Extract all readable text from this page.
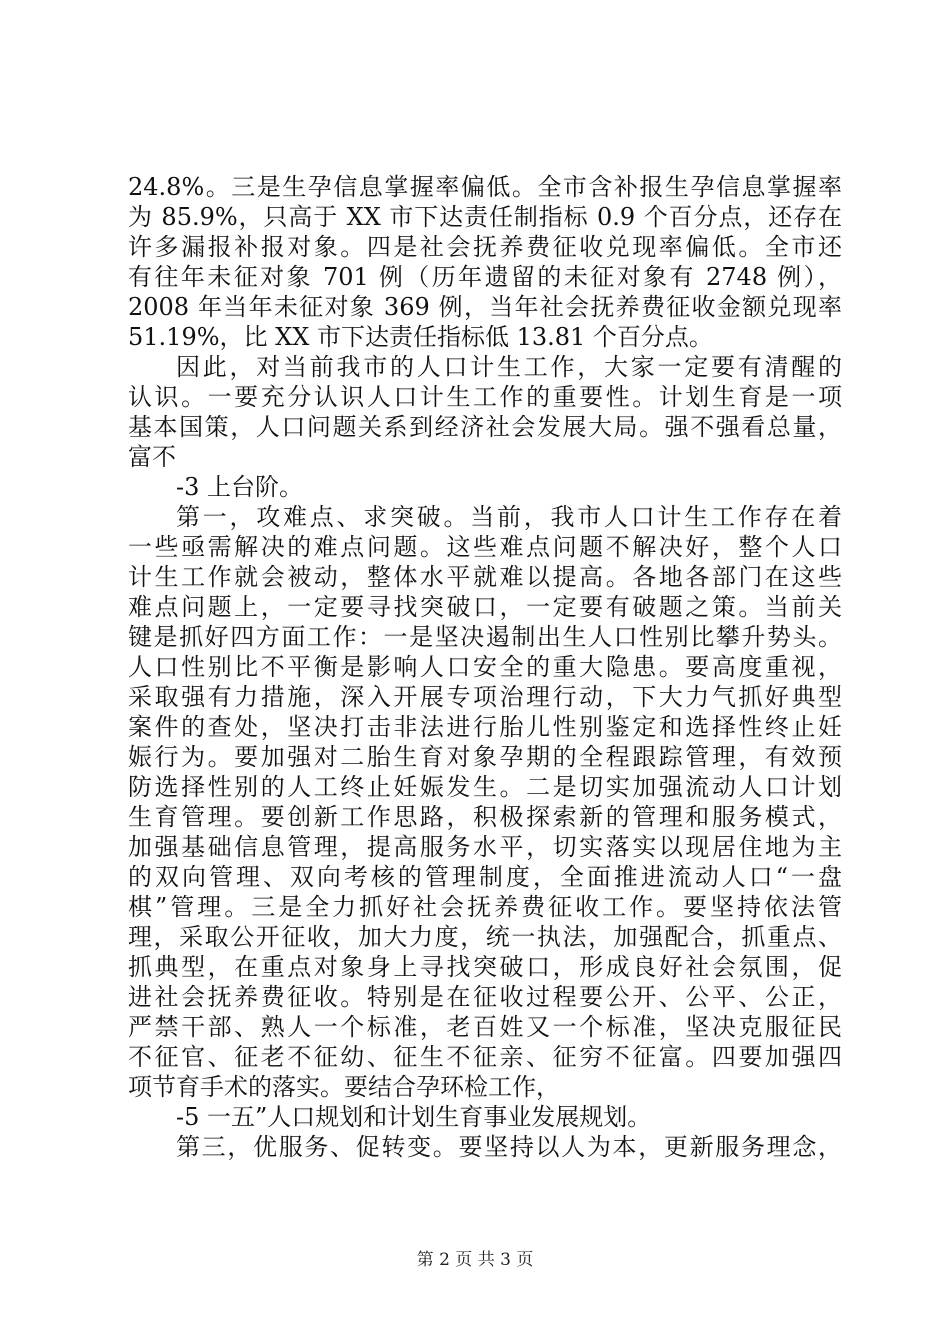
24.8%。三是生孕信息掌握率偏低。全市含补报生孕信息掌握率
为 85.9%，只高于 XX 市下达责任制指标 0.9 个百分点，还存在
许多漏报补报对象。四是社会抚养费征收兑现率偏低。全市还
有往年未征对象 701 例（历年遗留的未征对象有 2748 例），
2008 年当年未征对象 369 例，当年社会抚养费征收金额兑现率
51.19%，比 XX 市下达责任指标低 13.81 个百分点。
因此，对当前我市的人口计生工作，大家一定要有清醒的
认识。一要充分认识人口计生工作的重要性。计划生育是一项
基本国策，人口问题关系到经济社会发展大局。强不强看总量，
富不
-3 上台阶。
第一，攻难点、求突破。当前，我市人口计生工作存在着
一些亟需解决的难点问题。这些难点问题不解决好，整个人口
计生工作就会被动，整体水平就难以提高。各地各部门在这些
难点问题上，一定要寻找突破口，一定要有破题之策。当前关
键是抓好四方面工作：一是坚决遏制出生人口性别比攀升势头。
人口性别比不平衡是影响人口安全的重大隐患。要高度重视，
采取强有力措施，深入开展专项治理行动，下大力气抓好典型
案件的查处，坚决打击非法进行胎儿性别鉴定和选择性终止妊
娠行为。要加强对二胎生育对象孕期的全程跟踪管理，有效预
防选择性别的人工终止妊娠发生。二是切实加强流动人口计划
生育管理。要创新工作思路，积极探索新的管理和服务模式，
加强基础信息管理，提高服务水平，切实落实以现居住地为主
的双向管理、双向考核的管理制度，全面推进流动人口“一盘
棋”管理。三是全力抓好社会抚养费征收工作。要坚持依法管
理，采取公开征收，加大力度，统一执法，加强配合，抓重点、
抓典型，在重点对象身上寻找突破口，形成良好社会氛围，促
进社会抚养费征收。特别是在征收过程要公开、公平、公正，
严禁干部、熟人一个标准，老百姓又一个标准，坚决克服征民
不征官、征老不征幼、征生不征亲、征穷不征富。四要加强四
项节育手术的落实。要结合孕环检工作，
-5 一五”人口规划和计划生育事业发展规划。
第三，优服务、促转变。要坚持以人为本，更新服务理念，
第 2 页 共 3 页
